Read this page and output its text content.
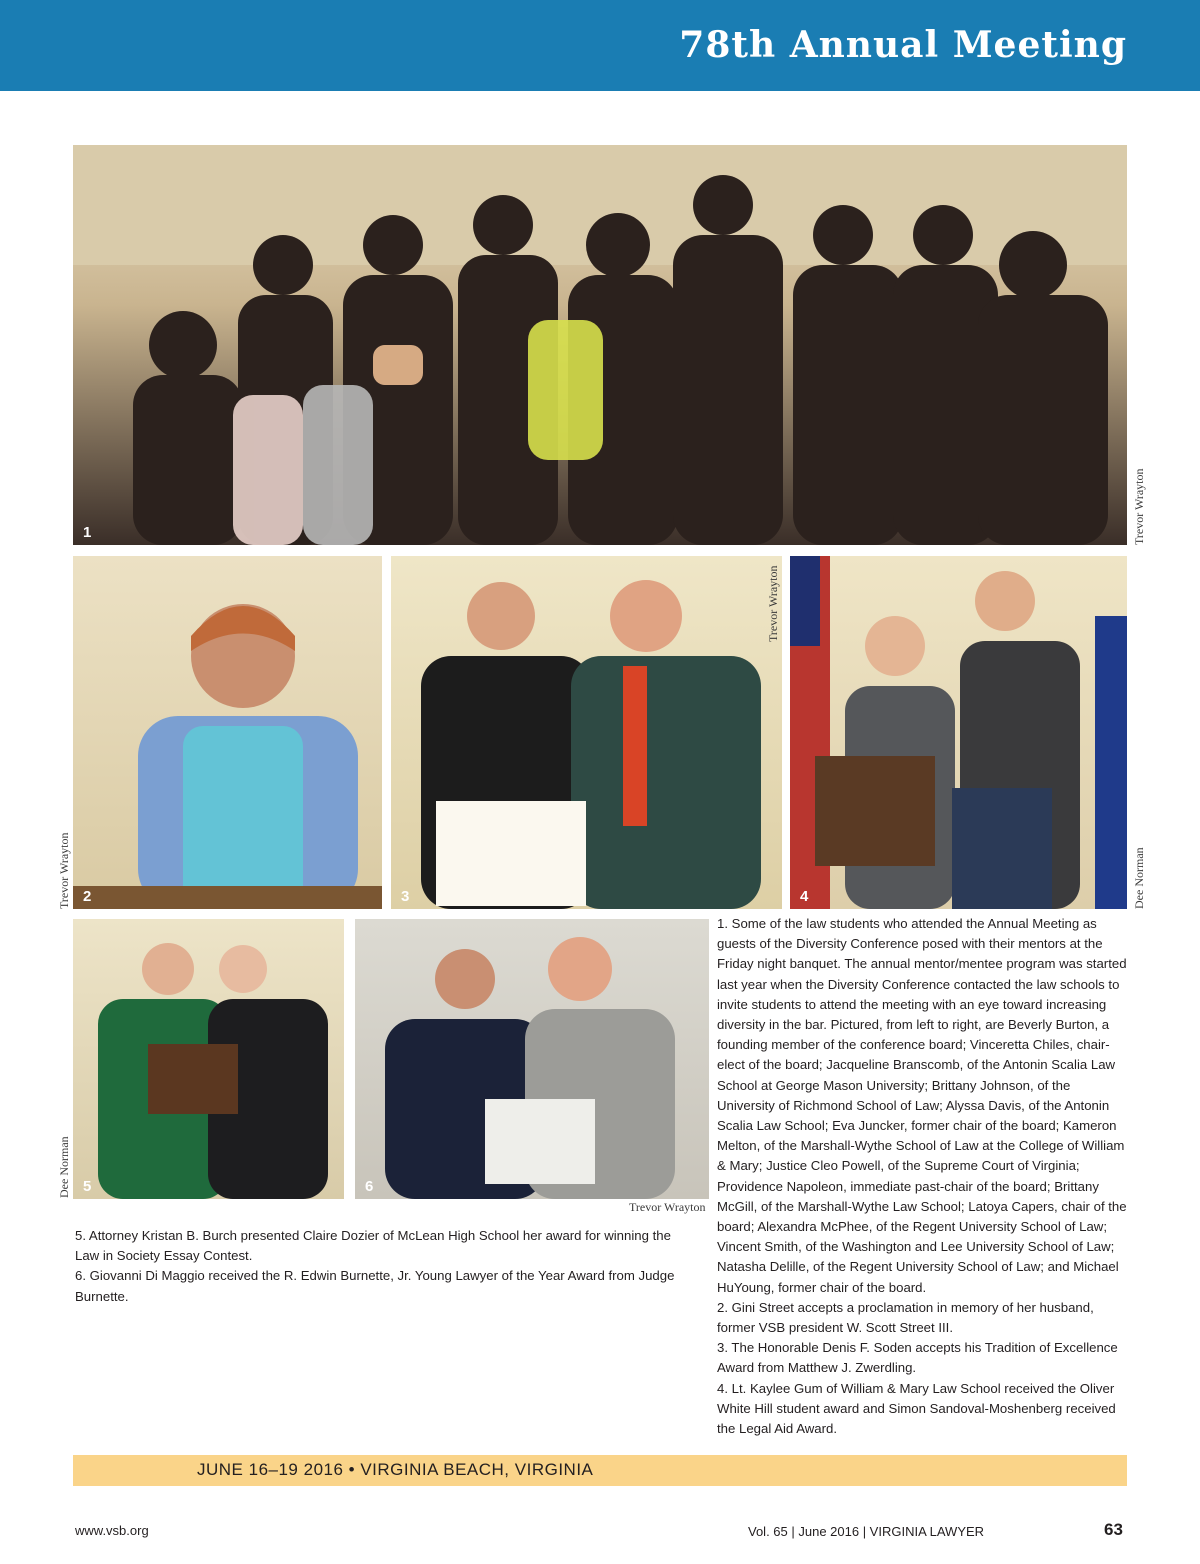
78th Annual Meeting
1	Trevor Wrayton
2
Trevor Wrayton	3
Trevor Wrayton
4	Dee Norman
5
Dee Norman	6
Trevor Wrayton

5. Attorney Kristan B. Burch presented Claire Dozier of McLean High School her award for winning the Law in Society Essay Contest.

6. Giovanni Di Maggio received the R. Edwin Burnette, Jr. Young Lawyer of the Year Award from Judge Burnette.

1. Some of the law students who attended the Annual Meeting as guests of the Diversity Conference posed with their mentors at the Friday night banquet. The annual mentor/mentee program was started last year when the Diversity Conference contacted the law schools to invite students to attend the meeting with an eye toward increasing diversity in the bar. Pictured, from left to right, are Beverly Burton, a founding member of the conference board; Vinceretta Chiles, chair-elect of the board; Jacqueline Branscomb, of the Antonin Scalia Law School at George Mason University; Brittany Johnson, of the University of Richmond School of Law; Alyssa Davis, of the Antonin Scalia Law School; Eva Juncker, former chair of the board; Kameron Melton, of the Marshall-Wythe School of Law at the College of William & Mary; Justice Cleo Powell, of the Supreme Court of Virginia; Providence Napoleon, immediate past-chair of the board; Brittany McGill, of the Marshall-Wythe Law School; Latoya Capers, chair of the board; Alexandra McPhee, of the Regent University School of Law; Vincent Smith, of the Washington and Lee University School of Law; Natasha Delille, of the Regent University School of Law; and Michael HuYoung, former chair of the board.

2. Gini Street accepts a proclamation in memory of her husband, former VSB president W. Scott Street III.

3. The Honorable Denis F. Soden accepts his Tradition of Excellence Award from Matthew J. Zwerdling.

4. Lt. Kaylee Gum of William & Mary Law School received the Oliver White Hill student award and Simon Sandoval-Moshenberg received the Legal Aid Award.

JUNE 16–19 2016 • VIRGINIA BEACH, VIRGINIA
www.vsb.org	Vol. 65 | June 2016 | VIRGINIA LAWYER	63
